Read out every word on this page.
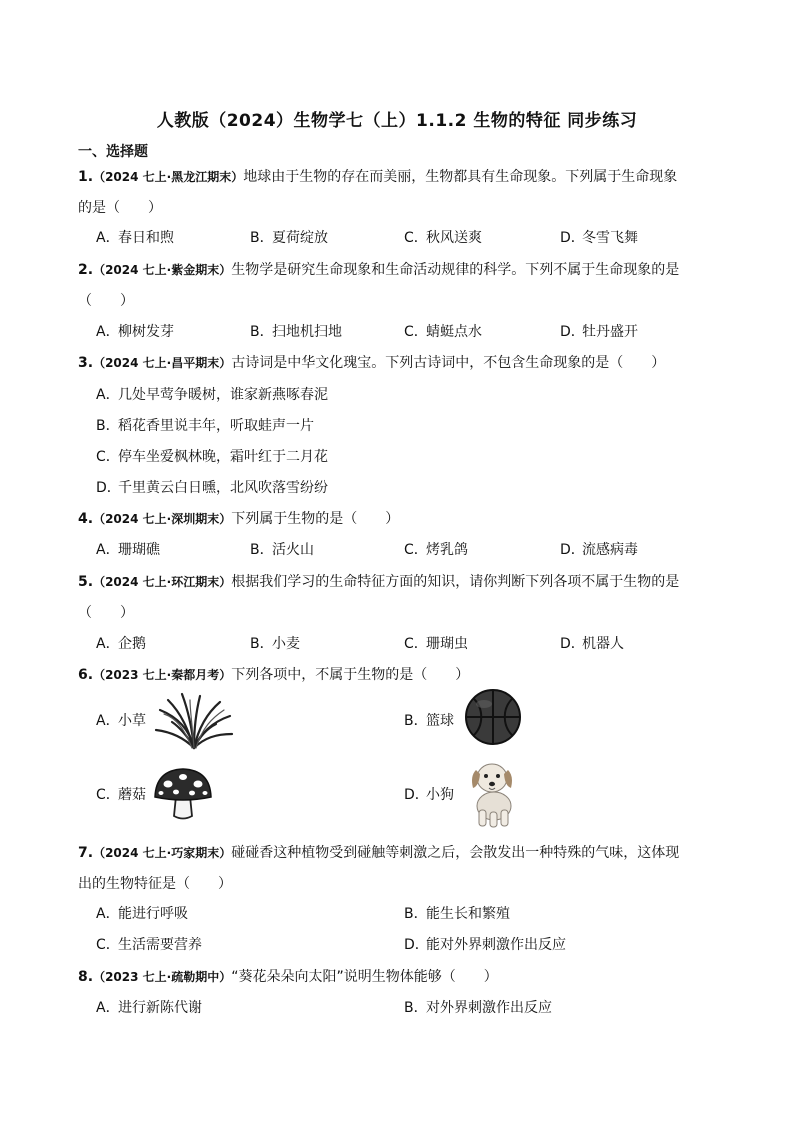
人教版（2024）生物学七（上）1.1.2 生物的特征 同步练习
一、选择题
1.（2024 七上·黑龙江期末）地球由于生物的存在而美丽，生物都具有生命现象。下列属于生命现象
的是（　　）
A．春日和煦	B．夏荷绽放	C．秋风送爽	D．冬雪飞舞
2.（2024 七上·紫金期末）生物学是研究生命现象和生命活动规律的科学。下列不属于生命现象的是
（　　）
A．柳树发芽	B．扫地机扫地	C．蜻蜓点水	D．牡丹盛开
3.（2024 七上·昌平期末）古诗词是中华文化瑰宝。下列古诗词中，不包含生命现象的是（　　）
A．几处早莺争暖树，谁家新燕啄春泥
B．稻花香里说丰年，听取蛙声一片
C．停车坐爱枫林晚，霜叶红于二月花
D．千里黄云白日曛，北风吹落雪纷纷
4.（2024 七上·深圳期末）下列属于生物的是（　　）
A．珊瑚礁	B．活火山	C．烤乳鸽	D．流感病毒
5.（2024 七上·环江期末）根据我们学习的生命特征方面的知识，请你判断下列各项不属于生物的是
（　　）
A．企鹅	B．小麦	C．珊瑚虫	D．机器人
6.（2023 七上·秦都月考）下列各项中，不属于生物的是（　　）
A．小草	B．篮球
C．蘑菇	D．小狗
7.（2024 七上·巧家期末）碰碰香这种植物受到碰触等刺激之后，会散发出一种特殊的气味，这体现
出的生物特征是（　　）
A．能进行呼吸	B．能生长和繁殖
C．生活需要营养	D．能对外界刺激作出反应
8.（2023 七上·疏勒期中）“葵花朵朵向太阳”说明生物体能够（　　）
A．进行新陈代谢	B．对外界刺激作出反应
